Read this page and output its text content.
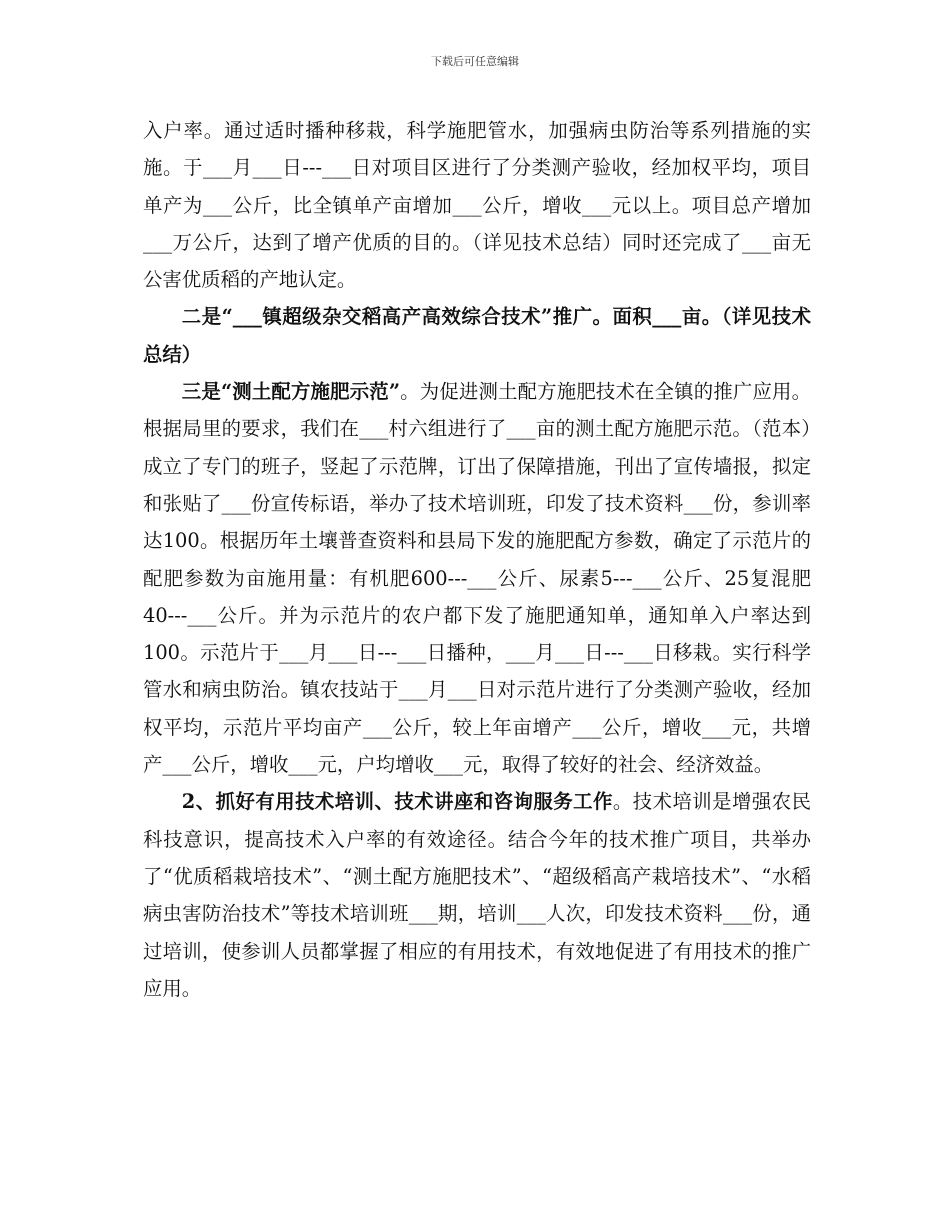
下载后可任意编辑

入户率。通过适时播种移栽，科学施肥管水，加强病虫防治等系列措施的实施。于___月___日---___日对项目区进行了分类测产验收，经加权平均，项目单产为___公斤，比全镇单产亩增加___公斤，增收___元以上。项目总产增加___万公斤，达到了增产优质的目的。（详见技术总结）同时还完成了___亩无公害优质稻的产地认定。

二是“___镇超级杂交稻高产高效综合技术”推广。面积___亩。（详见技术总结）

三是“测土配方施肥示范”。为促进测土配方施肥技术在全镇的推广应用。根据局里的要求，我们在___村六组进行了___亩的测土配方施肥示范。（范本）成立了专门的班子，竖起了示范牌，订出了保障措施，刊出了宣传墙报，拟定和张贴了___份宣传标语，举办了技术培训班，印发了技术资料___份，参训率达100。根据历年土壤普查资料和县局下发的施肥配方参数，确定了示范片的配肥参数为亩施用量：有机肥600---___公斤、尿素5---___公斤、25复混肥40---___公斤。并为示范片的农户都下发了施肥通知单，通知单入户率达到100。示范片于___月___日---___日播种，___月___日---___日移栽。实行科学管水和病虫防治。镇农技站于___月___日对示范片进行了分类测产验收，经加权平均，示范片平均亩产___公斤，较上年亩增产___公斤，增收___元，共增产___公斤，增收___元，户均增收___元，取得了较好的社会、经济效益。

2、抓好有用技术培训、技术讲座和咨询服务工作。技术培训是增强农民科技意识，提高技术入户率的有效途径。结合今年的技术推广项目，共举办了“优质稻栽培技术”、“测土配方施肥技术”、“超级稻高产栽培技术”、“水稻病虫害防治技术”等技术培训班___期，培训___人次，印发技术资料___份，通过培训，使参训人员都掌握了相应的有用技术，有效地促进了有用技术的推广应用。
